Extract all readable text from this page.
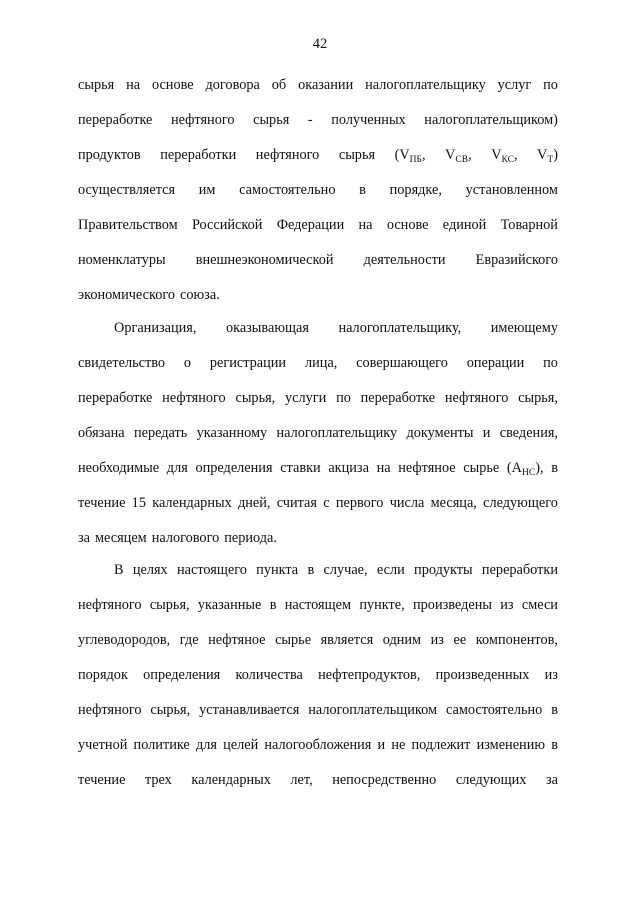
42
сырья на основе договора об оказании налогоплательщику услуг по
переработке нефтяного сырья - полученных налогоплательщиком)
продуктов переработки нефтяного сырья ($V_{ПБ}$, $V_{СВ}$, $V_{КС}$, $V_Т$)
осуществляется им самостоятельно в порядке, установленном
Правительством Российской Федерации на основе единой Товарной
номенклатуры внешнеэкономической деятельности Евразийского
экономического союза.
Организация, оказывающая налогоплательщику, имеющему
свидетельство о регистрации лица, совершающего операции по
переработке нефтяного сырья, услуги по переработке нефтяного сырья,
обязана передать указанному налогоплательщику документы и сведения,
необходимые для определения ставки акциза на нефтяное сырье $(А_{НС})$, в
течение 15 календарных дней, считая с первого числа месяца, следующего
за месяцем налогового периода.
В целях настоящего пункта в случае, если продукты переработки
нефтяного сырья, указанные в настоящем пункте, произведены из смеси
углеводородов, где нефтяное сырье является одним из ее компонентов,
порядок определения количества нефтепродуктов, произведенных из
нефтяного сырья, устанавливается налогоплательщиком самостоятельно в
учетной политике для целей налогообложения и не подлежит изменению в
течение трех календарных лет, непосредственно следующих за
